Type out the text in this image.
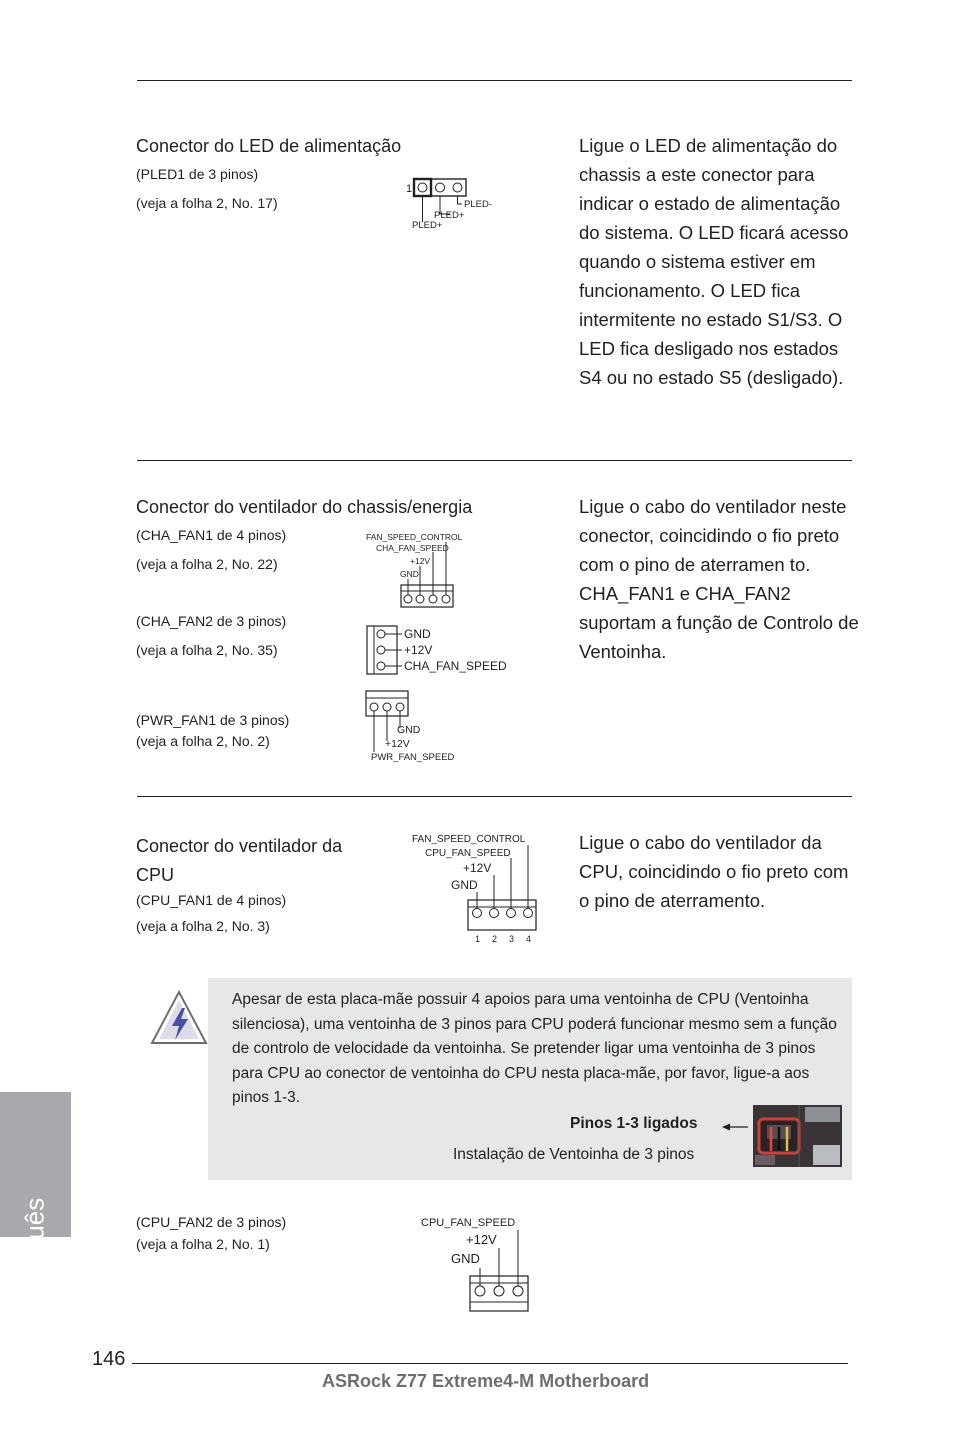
Conector do LED de alimentação
(PLED1 de 3 pinos)
(veja a folha 2, No. 17)
Ligue o LED de alimentação do chassis a este conector para indicar o estado de alimentação do sistema. O LED ficará acesso quando o sistema estiver em funcionamento. O LED fica intermitente no estado S1/S3. O LED fica desligado nos estados S4 ou no estado S5 (desligado).
1
PLED-
PLED+
PLED+
Conector do ventilador do chassis/energia
(CHA_FAN1 de 4 pinos)
(veja a folha 2, No. 22)
(CHA_FAN2 de 3 pinos)
(veja a folha 2, No. 35)
(PWR_FAN1 de 3 pinos)
(veja a folha 2, No. 2)
Ligue o cabo do ventilador neste conector, coincidindo o fio preto com o pino de aterramen to. CHA_FAN1 e CHA_FAN2 suportam a função de Controlo de Ventoinha.
FAN_SPEED_CONTROL
CHA_FAN_SPEED
+12V
GND
GND
+12V
CHA_FAN_SPEED
GND
+12V
PWR_FAN_SPEED
Conector do ventilador da CPU
(CPU_FAN1 de 4 pinos)
(veja a folha 2, No. 3)
Ligue o cabo do ventilador da CPU, coincidindo o fio preto com o pino de aterramento.
FAN_SPEED_CONTROL
CPU_FAN_SPEED
+12V
GND
1 2 3 4
Apesar de esta placa-mãe possuir 4 apoios para uma ventoinha de CPU (Ventoinha silenciosa), uma ventoinha de 3 pinos para CPU poderá funcionar mesmo sem a função de controlo de velocidade da ventoinha. Se pretender ligar uma ventoinha de 3 pinos para CPU ao conector de ventoinha do CPU nesta placa-mãe, por favor, ligue-a aos pinos 1-3.
Pinos 1-3 ligados
Instalação de Ventoinha de 3 pinos
(CPU_FAN2 de 3 pinos)
(veja a folha 2, No. 1)
CPU_FAN_SPEED
+12V
GND
Português
146
ASRock Z77 Extreme4-M Motherboard
